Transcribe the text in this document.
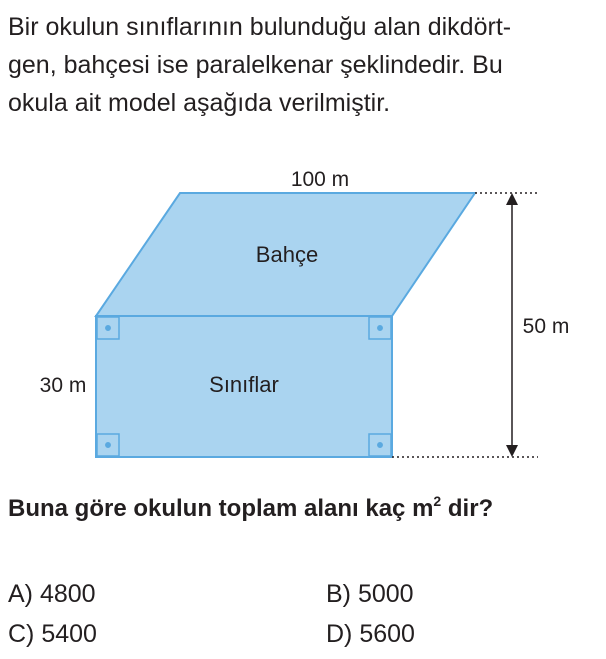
Bir okulun sınıflarının bulunduğu alan dikdört-
gen, bahçesi ise paralelkenar şeklindedir. Bu
okula ait model aşağıda verilmiştir.
100 m
Bahçe
Sınıflar
30 m
50 m
Buna göre okulun toplam alanı kaç $m^2$ dir?
A) 4800	B) 5000
C) 5400	D) 5600
